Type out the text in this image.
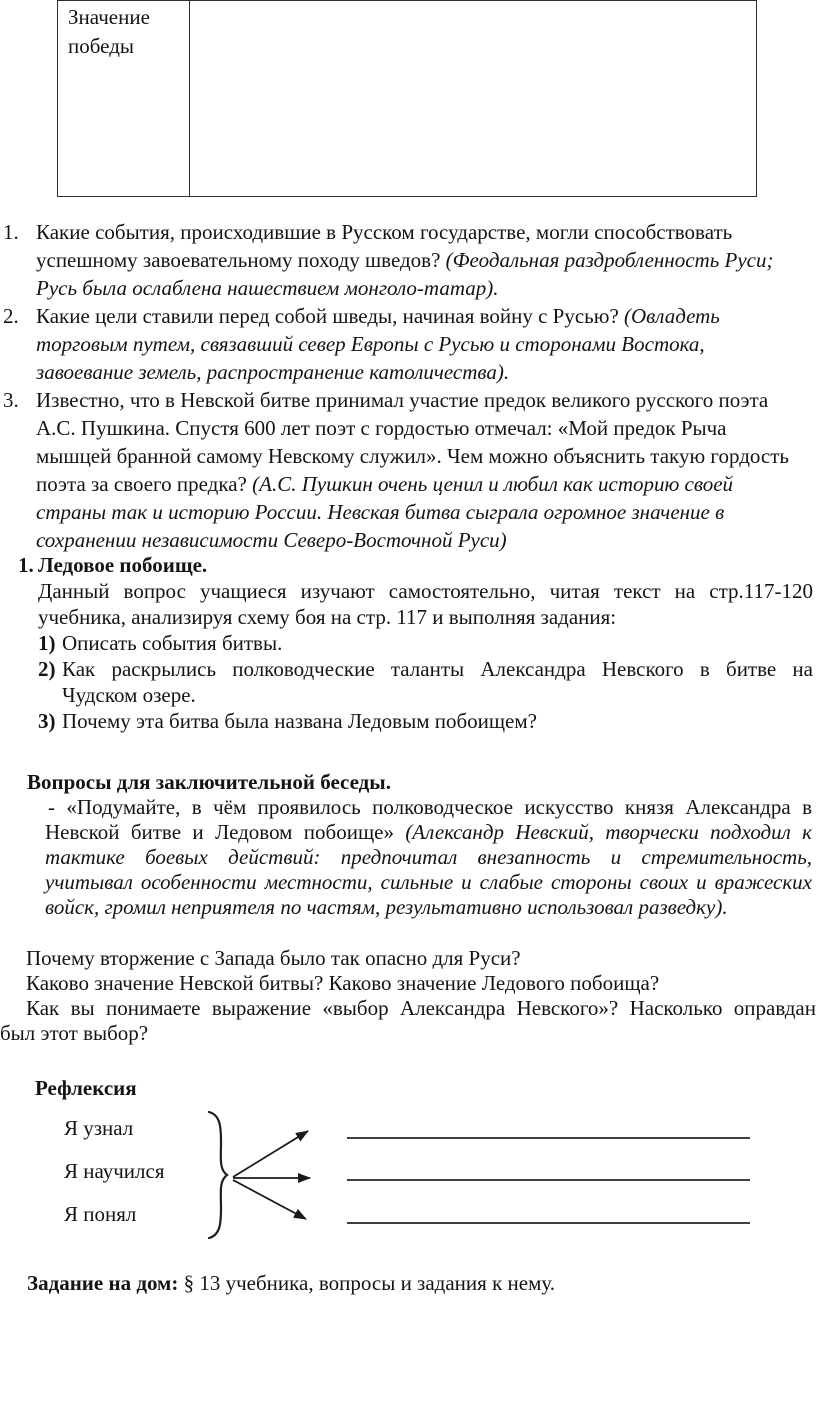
Значение победы
1. Какие события, происходившие в Русском государстве, могли способствовать
успешному завоевательному походу шведов? (Феодальная раздробленность Руси;
Русь была ослаблена нашествием монголо-татар).
2. Какие цели ставили перед собой шведы, начиная войну с Русью? (Овладеть
торговым путем, связавший север Европы с Русью и сторонами Востока,
завоевание земель, распространение католичества).
3. Известно, что в Невской битве принимал участие предок великого русского поэта
А.С. Пушкина. Спустя 600 лет поэт с гордостью отмечал: «Мой предок Рыча
мышцей бранной самому Невскому служил». Чем можно объяснить такую гордость
поэта за своего предка? (А.С. Пушкин очень ценил и любил как историю своей
страны так и историю России. Невская битва сыграла огромное значение в
сохранении независимости Северо-Восточной Руси)
1. Ледовое побоище.
Данный вопрос учащиеся изучают самостоятельно, читая текст на стр.117-120
учебника, анализируя схему боя на стр. 117 и выполняя задания:
1) Описать события битвы.
2) Как раскрылись полководческие таланты Александра Невского в битве на
Чудском озере.
3) Почему эта битва была названа Ледовым побоищем?
Вопросы для заключительной беседы.
- «Подумайте, в чём проявилось полководческое искусство князя Александра в
Невской битве и Ледовом побоище» (Александр Невский, творчески подходил к
тактике боевых действий: предпочитал внезапность и стремительность,
учитывал особенности местности, сильные и слабые стороны своих и вражеских
войск, громил неприятеля по частям, результативно использовал разведку).
Почему вторжение с Запада было так опасно для Руси?
Каково значение Невской битвы? Каково значение Ледового побоища?
Как вы понимаете выражение «выбор Александра Невского»? Насколько оправдан
был этот выбор?
Рефлексия
Я узнал
Я научился
Я понял
Задание на дом: § 13 учебника, вопросы и задания к нему.
